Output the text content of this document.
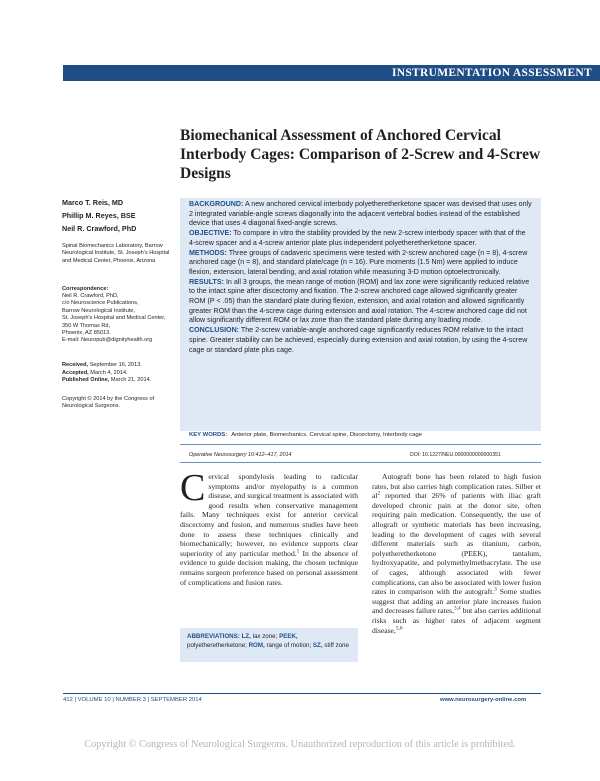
INSTRUMENTATION ASSESSMENT
Biomechanical Assessment of Anchored Cervical Interbody Cages: Comparison of 2-Screw and 4-Screw Designs
Marco T. Reis, MD
Phillip M. Reyes, BSE
Neil R. Crawford, PhD
Spinal Biomechanics Laboratory, Barrow Neurological Institute, St. Joseph's Hospital and Medical Center, Phoenix, Arizona
Correspondence:
Neil R. Crawford, PhD,
c/o Neuroscience Publications,
Barrow Neurological Institute,
St. Joseph's Hospital and Medical Center,
350 W Thomas Rd,
Phoenix, AZ 85013.
E-mail: Neuropub@dignityhealth.org
Received, September 16, 2013.
Accepted, March 4, 2014.
Published Online, March 21, 2014.
Copyright © 2014 by the Congress of Neurological Surgeons.

BACKGROUND: A new anchored cervical interbody polyetheretherketone spacer was devised that uses only 2 integrated variable-angle screws diagonally into the adjacent vertebral bodies instead of the established device that uses 4 diagonal fixed-angle screws.

OBJECTIVE: To compare in vitro the stability provided by the new 2-screw interbody spacer with that of the 4-screw spacer and a 4-screw anterior plate plus independent polyetheretherketone spacer.

METHODS: Three groups of cadaveric specimens were tested with 2-screw anchored cage (n = 8), 4-screw anchored cage (n = 8), and standard plate/cage (n = 16). Pure moments (1.5 Nm) were applied to induce flexion, extension, lateral bending, and axial rotation while measuring 3-D motion optoelectronically.

RESULTS: In all 3 groups, the mean range of motion (ROM) and lax zone were significantly reduced relative to the intact spine after discectomy and fixation. The 2-screw anchored cage allowed significantly greater ROM (P < .05) than the standard plate during flexion, extension, and axial rotation and allowed significantly greater ROM than the 4-screw cage during extension and axial rotation. The 4-screw anchored cage did not allow significantly different ROM or lax zone than the standard plate during any loading mode.

CONCLUSION: The 2-screw variable-angle anchored cage significantly reduces ROM relative to the intact spine. Greater stability can be achieved, especially during extension and axial rotation, by using the 4-screw cage or standard plate plus cage.

KEY WORDS: Anterior plate, Biomechanics, Cervical spine, Discectomy, Interbody cage
Operative Neurosurgery 10:412–417, 2014	DOI: 10.1227/NEU.0000000000000351

Cervical spondylosis leading to radicular symptoms and/or myelopathy is a common disease, and surgical treatment is associated with good results when conservative management fails. Many techniques exist for anterior cervical discectomy and fusion, and numerous studies have been done to assess these techniques clinically and biomechanically; however, no evidence supports clear superiority of any particular method.$^1$ In the absence of evidence to guide decision making, the chosen technique remains surgeon preference based on personal assessment of complications and fusion rates.

ABBREVIATIONS: LZ, lax zone; PEEK, polyetheretherketone; ROM, range of motion; SZ, stiff zone

Autograft bone has been related to high fusion rates, but also carries high complication rates. Silber et $al^2$ reported that 26% of patients with iliac graft developed chronic pain at the donor site, often requiring pain medication. Consequently, the use of allograft or synthetic materials has been increasing, leading to the development of cages with several different materials such as titanium, carbon, polyetheretherketone (PEEK), tantalum, hydroxyapatite, and polymethylmethacrylate. The use of cages, although associated with fewer complications, can also be associated with lower fusion rates in comparison with the autograft.$^3$ Some studies suggest that adding an anterior plate increases fusion and decreases failure rates,$^{3,4}$ but also carries additional risks such as higher rates of adjacent segment disease,$^{5,6}$

412 | VOLUME 10 | NUMBER 3 | SEPTEMBER 2014	www.neurosurgery-online.com
Copyright © Congress of Neurological Surgeons. Unauthorized reproduction of this article is prohibited.
